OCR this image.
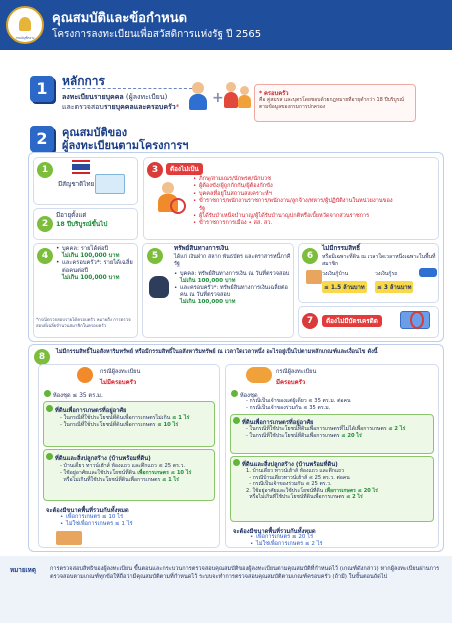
กรมบัญชีกลาง
คุณสมบัติและข้อกำหนด
โครงการลงทะเบียนเพื่อสวัสดิการแห่งรัฐ ปี 2565
1	หลักการ
ลงทะเบียนรายบุคคล (ผู้ลงทะเบียน)
และตรวจสอบรายบุคคลและครอบครัว*
+	* ครอบครัว
คือ คู่สมรส และบุตรโดยชอบด้วยกฎหมายที่อายุต่ำกว่า 18 ปีบริบูรณ์ ตามข้อมูลของกรมการปกครอง
2	คุณสมบัติของ
ผู้ลงทะเบียนตามโครงการฯ
1
มีสัญชาติไทย
2
มีอายุตั้งแต่
18 ปีบริบูรณ์ขึ้นไป
3	ต้องไม่เป็น
• ภิกษุ/สามเณร/นักพรต/นักบวช
• ผู้ต้องขัง/ผู้ถูกกักกัน/ผู้ต้องกักขัง
• บุคคลที่อยู่ในสถานสงเคราะห์ฯ
• ข้าราชการ/พนักงานราชการ/พนักงาน/ลูกจ้าง/ทหาร/ผู้ปฏิบัติงานในหน่วยงานของรัฐ
• ผู้ได้รับบำเหน็จบำนาญ/ผู้ได้รับบำนาญปกติหรือเบี้ยหวัดจากส่วนราชการ
• ข้าราชการการเมือง • สส. สว.
4
• บุคคล: รายได้ต่อปี
ไม่เกิน 100,000 บาท
• และครอบครัว*: รายได้เฉลี่ยต่อคนต่อปี
ไม่เกิน 100,000 บาท
*กรณีตรวจสอบรายได้ครอบครัว หมายถึง การตรวจสอบที่เฉลี่ยจำนวนสมาชิกในครอบครัว
5
ทรัพย์สินทางการเงิน
ได้แก่ เงินฝาก สลาก พันธบัตร และตราสารหนี้ภาคีรัฐ
• บุคคล: ทรัพย์สินทางการเงิน ณ วันที่ตรวจสอบ
ไม่เกิน 100,000 บาท
• และครอบครัว*: ทรัพย์สินทางการเงินเฉลี่ยต่อคน ณ วันที่ตรวจสอบ
ไม่เกิน 100,000 บาท
6
ไม่มีกรรมสิทธิ์
หรือมีเฉพาะที่ดิน ณ เวลาใดเวลาหนึ่งเฉพาะในพื้นที่สมาชิก
วงเงินกู้บ้าน
≤ 1.5 ล้านบาท
วงเงินกู้รถ
≤ 3 ล้านบาท
7	ต้องไม่มีบัตรเครดิต
8	ไม่มีกรรมสิทธิ์ในอสังหาริมทรัพย์ หรือมีกรรมสิทธิ์ในอสังหาริมทรัพย์ ณ เวลาใดเวลาหนึ่ง อะไรอยู่เป็นไปตามหลักเกณฑ์และเงื่อนไข ดังนี้
กรณีผู้ลงทะเบียน
ไม่มีครอบครัว
ห้องชุด ≤ 35 ตร.ม.
ที่ดินเพื่อการเกษตรที่อยู่อาศัย
- ในกรณีที่ใช้ประโยชน์ที่ดินเพื่อการเกษตรไม่เกิน ≤ 1 ไร่
- ในกรณีที่ใช้ประโยชน์ที่ดินเพื่อการเกษตร ≤ 10 ไร่
ที่ดินและสิ่งปลูกสร้าง (บ้านพร้อมที่ดิน)
- บ้านเดี่ยว ทาวน์เฮ้าส์ ห้องแถว และตึกแถว ≤ 25 ตร.ว.
- ใช้อยู่อาศัยและใช้ประโยชน์ที่ดิน เพื่อการเกษตร ≤ 10 ไร่
หรือไม่เกินที่ใช้ประโยชน์ที่ดินเพื่อการเกษตร ≤ 1 ไร่
จะต้องมีขนาดพื้นที่รวมกันทั้งหมด
• เพื่อการเกษตร ≤ 10 ไร่
• ไม่ใช่เพื่อการเกษตร ≤ 1 ไร่
กรณีผู้ลงทะเบียน
มีครอบครัว
ห้องชุด
- กรณีเป็นเจ้าของแต่ผู้เดียว ≤ 35 ตร.ม. ต่อคน
- กรณีเป็นเจ้าของร่วมกัน ≤ 35 ตร.ม.
ที่ดินเพื่อการเกษตรที่อยู่อาศัย
- ในกรณีที่ใช้ประโยชน์ที่ดินเพื่อการเกษตรที่ไม่ได้เพื่อการเกษตร ≤ 2 ไร่
- ในกรณีที่ใช้ประโยชน์ที่ดินเพื่อการเกษตร ≤ 20 ไร่
ที่ดินและสิ่งปลูกสร้าง (บ้านพร้อมที่ดิน)
1. บ้านเดี่ยว ทาวน์เฮ้าส์ ห้องแถว และตึกแถว
- กรณีบ้านเดี่ยวทาวน์เฮ้าส์ ≤ 25 ตร.ว. ต่อคน
- กรณีเป็นเจ้าของร่วมกัน ≤ 25 ตร.ว.
2. ใช้อยู่อาศัยและใช้ประโยชน์ที่ดิน เพื่อการเกษตร ≤ 20 ไร่
หรือไม่เกินที่ใช้ประโยชน์ที่ดินเพื่อการเกษตร ≤ 2 ไร่
จะต้องมีขนาดพื้นที่รวมกันทั้งหมด
• เพื่อการเกษตร ≤ 20 ไร่
• ไม่ใช่เพื่อการเกษตร ≤ 2 ไร่
หมายเหตุ	การตรวจสอบสิทธิของผู้ลงทะเบียน ขึ้นตอนและกระบวนการตรวจสอบคุณสมบัติของผู้ลงทะเบียนตามคุณสมบัติที่กำหนดไว้ (เกณฑ์ดังกล่าว) หากผู้ลงทะเบียนผ่านการตรวจสอบตามเกณฑ์ทุกข้อให้ถือว่ามีคุณสมบัติตามที่กำหนดไว้ ระบบจะทำการตรวจสอบคุณสมบัติตามเกณฑ์ครอบครัว (ถ้ามี) ในขั้นตอนถัดไป
